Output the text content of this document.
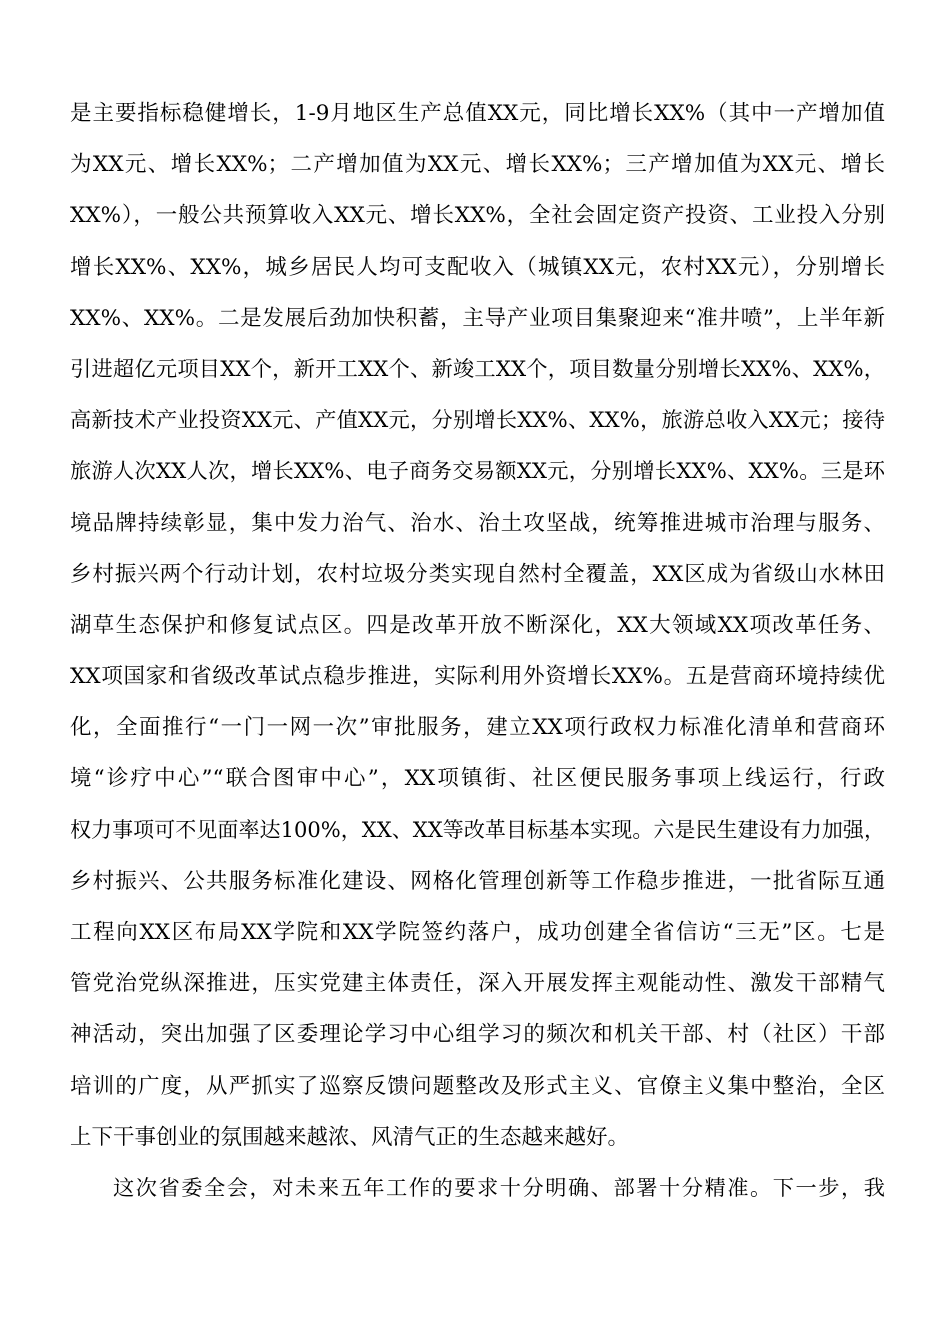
是主要指标稳健增长，1-9月地区生产总值XX元，同比增长XX%（其中一产增加值
为XX元、增长XX%；二产增加值为XX元、增长XX%；三产增加值为XX元、增长
XX%），一般公共预算收入XX元、增长XX%，全社会固定资产投资、工业投入分别
增长XX%、XX%，城乡居民人均可支配收入（城镇XX元，农村XX元），分别增长
XX%、XX%。二是发展后劲加快积蓄，主导产业项目集聚迎来“准井喷”，上半年新
引进超亿元项目XX个，新开工XX个、新竣工XX个，项目数量分别增长XX%、XX%，
高新技术产业投资XX元、产值XX元，分别增长XX%、XX%，旅游总收入XX元；接待
旅游人次XX人次，增长XX%、电子商务交易额XX元，分别增长XX%、XX%。三是环
境品牌持续彰显，集中发力治气、治水、治土攻坚战，统筹推进城市治理与服务、
乡村振兴两个行动计划，农村垃圾分类实现自然村全覆盖，XX区成为省级山水林田
湖草生态保护和修复试点区。四是改革开放不断深化，XX大领域XX项改革任务、
XX项国家和省级改革试点稳步推进，实际利用外资增长XX%。五是营商环境持续优
化，全面推行“一门一网一次”审批服务，建立XX项行政权力标准化清单和营商环
境“诊疗中心”“联合图审中心”，XX项镇街、社区便民服务事项上线运行，行政
权力事项可不见面率达100%，XX、XX等改革目标基本实现。六是民生建设有力加强，
乡村振兴、公共服务标准化建设、网格化管理创新等工作稳步推进，一批省际互通
工程向XX区布局XX学院和XX学院签约落户，成功创建全省信访“三无”区。七是
管党治党纵深推进，压实党建主体责任，深入开展发挥主观能动性、激发干部精气
神活动，突出加强了区委理论学习中心组学习的频次和机关干部、村（社区）干部
培训的广度，从严抓实了巡察反馈问题整改及形式主义、官僚主义集中整治，全区
上下干事创业的氛围越来越浓、风清气正的生态越来越好。
这次省委全会，对未来五年工作的要求十分明确、部署十分精准。下一步，我
